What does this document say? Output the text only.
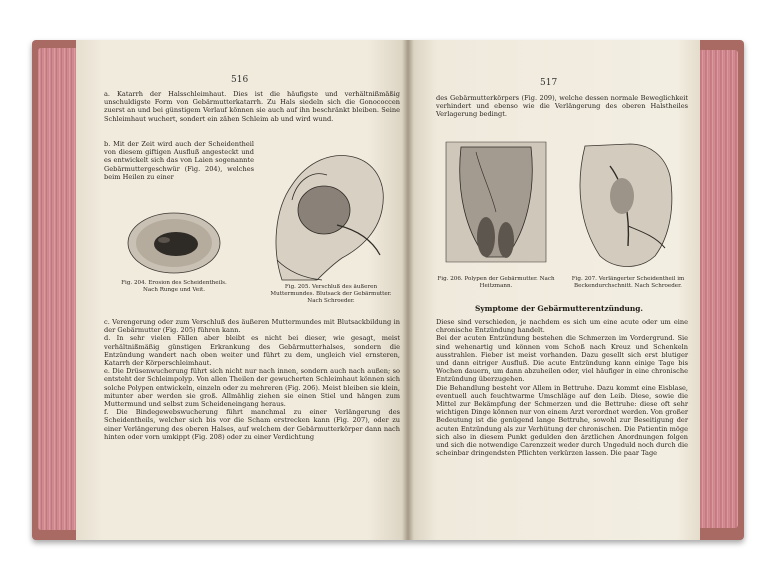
516
a. Katarrh der Halsschleimhaut. Dies ist die häufigste und verhältnißmäßig unschuldigste Form von Gebärmutterkatarrh. Zu Hals siedeln sich die Gonococcen zuerst an und bei günstigem Verlauf können sie auch auf ihn beschränkt bleiben. Seine Schleimhaut wuchert, sondert ein zähen Schleim ab und wird wund.
b. Mit der Zeit wird auch der Scheidentheil von diesem giftigen Ausfluß angesteckt und es entwickelt sich das von Laien sogenannte Gebärmuttergeschwür (Fig. 204), welches beim Heilen zu einer
Fig. 204. Erosion des Scheidentheils. Nach Runge und Veit.	Fig. 205. Verschluß des äußeren Muttermundes. Blutsack der Gebärmutter. Nach Schroeder.
c. Verengerung oder zum Verschluß des äußeren Muttermundes mit Blutsackbildung in der Gebärmutter (Fig. 205) führen kann.
d. In sehr vielen Fällen aber bleibt es nicht bei dieser, wie gesagt, meist verhältnißmäßig günstigen Erkrankung des Gebärmutterhalses, sondern die Entzündung wandert nach oben weiter und führt zu dem, ungleich viel ernsteren, Katarrh der Körperschleimhaut.
e. Die Drüsenwucherung führt sich nicht nur nach innen, sondern auch nach außen; so entsteht der Schleimpolyp. Von allen Theilen der gewucherten Schleimhaut können sich solche Polypen entwickeln, einzeln oder zu mehreren (Fig. 206). Meist bleiben sie klein, mitunter aber werden sie groß. Allmählig ziehen sie einen Stiel und hängen zum Muttermund und selbst zum Scheideneingang heraus.
f. Die Bindegewebswucherung führt manchmal zu einer Verlängerung des Scheidentheils, welcher sich bis vor die Scham erstrecken kann (Fig. 207), oder zu einer Verlängerung des oberen Halses, auf welchem der Gebärmutterkörper dann nach hinten oder vorn umkippt (Fig. 208) oder zu einer Verdichtung
517
des Gebärmutterkörpers (Fig. 209), welche dessen normale Beweglichkeit verhindert und ebenso wie die Verlängerung des oberen Halstheiles Verlagerung bedingt.
Fig. 206. Polypen der Gebärmutter. Nach Heitzmann.
Fig. 207. Verlängerter Scheidentheil im Beckendurchschnitt. Nach Schroeder.
Symptome der Gebärmutterentzündung.
Diese sind verschieden, je nachdem es sich um eine acute oder um eine chronische Entzündung handelt.
Bei der acuten Entzündung bestehen die Schmerzen im Vordergrund. Sie sind wehenartig und können vom Schoß nach Kreuz und Schenkeln ausstrahlen. Fieber ist meist vorhanden. Dazu gesellt sich erst blutiger und dann eitriger Ausfluß. Die acute Entzündung kann einige Tage bis Wochen dauern, um dann abzuheilen oder, viel häufiger in eine chronische Entzündung überzugehen.
Die Behandlung besteht vor Allem in Bettruhe. Dazu kommt eine Eisblase, eventuell auch feuchtwarme Umschläge auf den Leib. Diese, sowie die Mittel zur Bekämpfung der Schmerzen und die Bettruhe: diese oft sehr wichtigen Dinge können nur von einem Arzt verordnet werden. Von großer Bedeutung ist die genügend lange Bettruhe, sowohl zur Beseitigung der acuten Entzündung als zur Verhütung der chronischen. Die Patientin möge sich also in diesem Punkt gedulden den ärztlichen Anordnungen folgen und sich die notwendige Carenzzeit weder durch Ungeduld noch durch die scheinbar dringendsten Pflichten verkürzen lassen. Die paar Tage
